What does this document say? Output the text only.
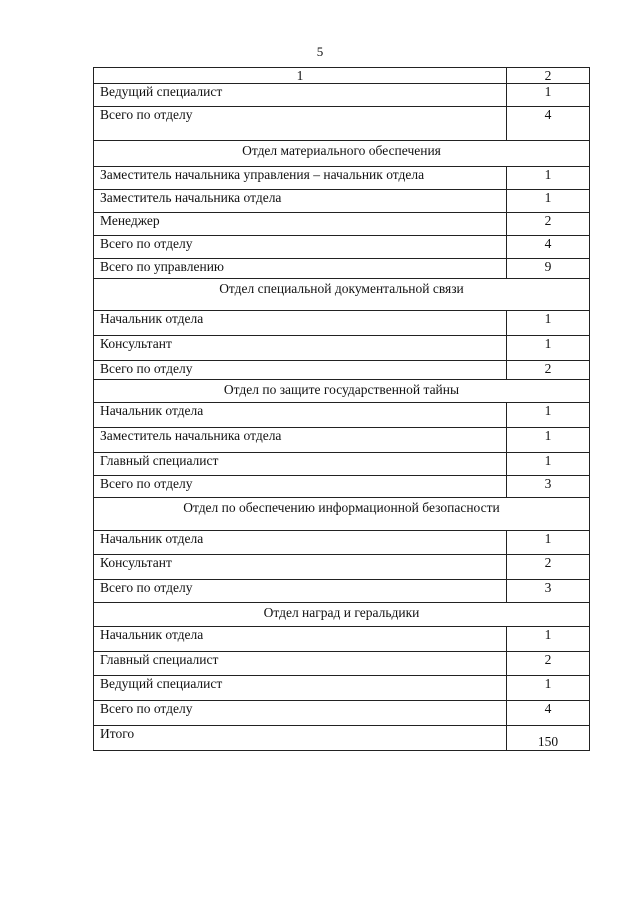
5
1	2
Ведущий специалист	1
Всего по отделу	4
Отдел материального обеспечения	
Заместитель начальника управления – начальник отдела	1
Заместитель начальника отдела	1
Менеджер	2
Всего по отделу	4
Всего по управлению	9
Отдел специальной документальной связи	
Начальник отдела	1
Консультант	1
Всего по отделу	2
Отдел по защите государственной тайны	
Начальник отдела	1
Заместитель начальника отдела	1
Главный специалист	1
Всего по отделу	3
Отдел по обеспечению информационной безопасности	
Начальник отдела	1
Консультант	2
Всего по отделу	3
Отдел наград и геральдики	
Начальник отдела	1
Главный специалист	2
Ведущий специалист	1
Всего по отделу	4
Итого	150
